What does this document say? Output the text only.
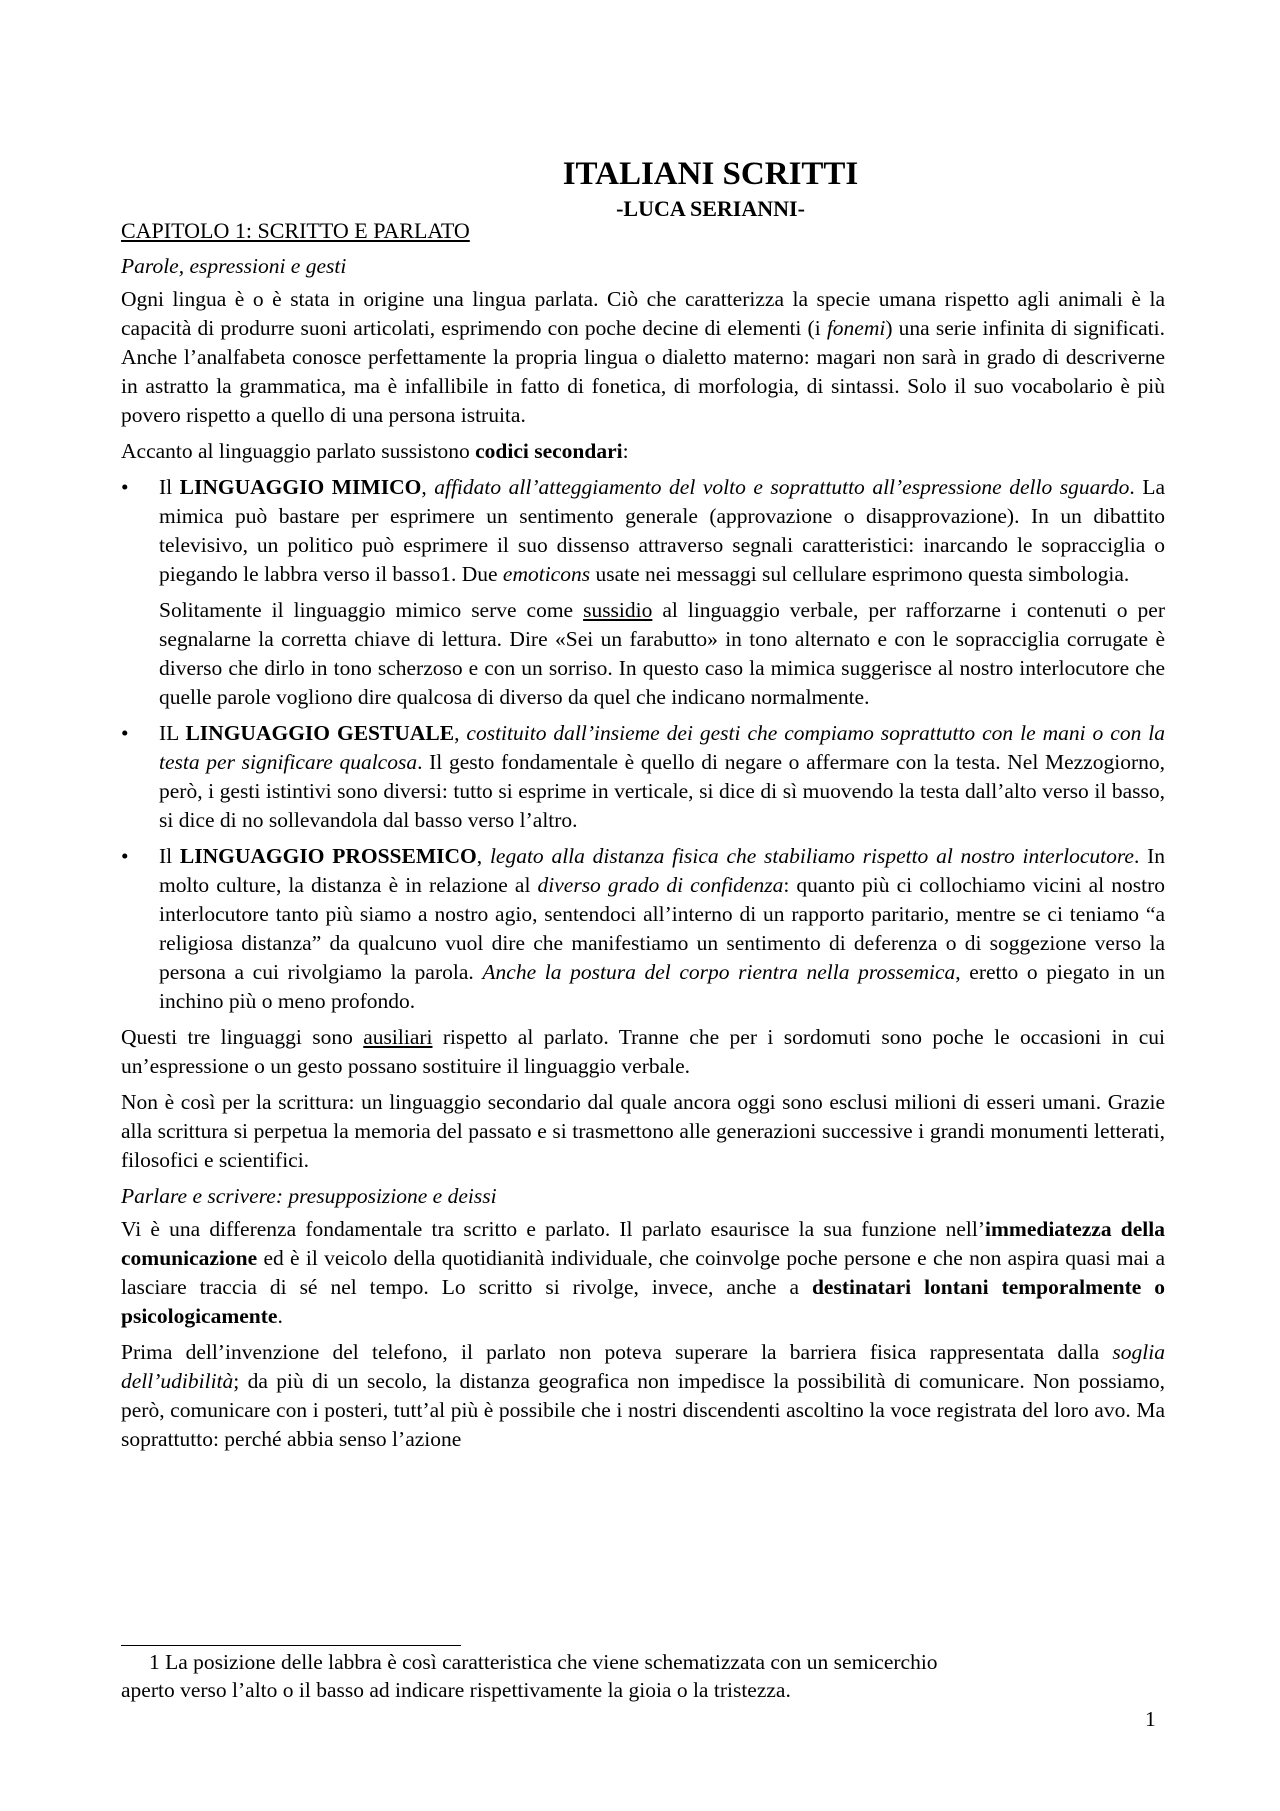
ITALIANI SCRITTI
-LUCA SERIANNI-
CAPITOLO 1: SCRITTO E PARLATO
Parole, espressioni e gesti

Ogni lingua è o è stata in origine una lingua parlata. Ciò che caratterizza la specie umana rispetto agli animali è la capacità di produrre suoni articolati, esprimendo con poche decine di elementi (i fonemi) una serie infinita di significati. Anche l’analfabeta conosce perfettamente la propria lingua o dialetto materno: magari non sarà in grado di descriverne in astratto la grammatica, ma è infallibile in fatto di fonetica, di morfologia, di sintassi. Solo il suo vocabolario è più povero rispetto a quello di una persona istruita.

Accanto al linguaggio parlato sussistono codici secondari:

• Il LINGUAGGIO MIMICO, affidato all’atteggiamento del volto e soprattutto all’espressione dello sguardo. La mimica può bastare per esprimere un sentimento generale (approvazione o disapprovazione). In un dibattito televisivo, un politico può esprimere il suo dissenso attraverso segnali caratteristici: inarcando le sopracciglia o piegando le labbra verso il basso1. Due emoticons usate nei messaggi sul cellulare esprimono questa simbologia.
Solitamente il linguaggio mimico serve come sussidio al linguaggio verbale, per rafforzarne i contenuti o per segnalarne la corretta chiave di lettura. Dire «Sei un farabutto» in tono alternato e con le sopracciglia corrugate è diverso che dirlo in tono scherzoso e con un sorriso. In questo caso la mimica suggerisce al nostro interlocutore che quelle parole vogliono dire qualcosa di diverso da quel che indicano normalmente.
• IL LINGUAGGIO GESTUALE, costituito dall’insieme dei gesti che compiamo soprattutto con le mani o con la testa per significare qualcosa. Il gesto fondamentale è quello di negare o affermare con la testa. Nel Mezzogiorno, però, i gesti istintivi sono diversi: tutto si esprime in verticale, si dice di sì muovendo la testa dall’alto verso il basso, si dice di no sollevandola dal basso verso l’altro.
• Il LINGUAGGIO PROSSEMICO, legato alla distanza fisica che stabiliamo rispetto al nostro interlocutore. In molto culture, la distanza è in relazione al diverso grado di confidenza: quanto più ci collochiamo vicini al nostro interlocutore tanto più siamo a nostro agio, sentendoci all’interno di un rapporto paritario, mentre se ci teniamo “a religiosa distanza” da qualcuno vuol dire che manifestiamo un sentimento di deferenza o di soggezione verso la persona a cui rivolgiamo la parola. Anche la postura del corpo rientra nella prossemica, eretto o piegato in un inchino più o meno profondo.

Questi tre linguaggi sono ausiliari rispetto al parlato. Tranne che per i sordomuti sono poche le occasioni in cui un’espressione o un gesto possano sostituire il linguaggio verbale.

Non è così per la scrittura: un linguaggio secondario dal quale ancora oggi sono esclusi milioni di esseri umani. Grazie alla scrittura si perpetua la memoria del passato e si trasmettono alle generazioni successive i grandi monumenti letterati, filosofici e scientifici.

Parlare e scrivere: presupposizione e deissi

Vi è una differenza fondamentale tra scritto e parlato. Il parlato esaurisce la sua funzione nell’immediatezza della comunicazione ed è il veicolo della quotidianità individuale, che coinvolge poche persone e che non aspira quasi mai a lasciare traccia di sé nel tempo. Lo scritto si rivolge, invece, anche a destinatari lontani temporalmente o psicologicamente.

Prima dell’invenzione del telefono, il parlato non poteva superare la barriera fisica rappresentata dalla soglia dell’udibilità; da più di un secolo, la distanza geografica non impedisce la possibilità di comunicare. Non possiamo, però, comunicare con i posteri, tutt’al più è possibile che i nostri discendenti ascoltino la voce registrata del loro avo. Ma soprattutto: perché abbia senso l’azione

1 La posizione delle labbra è così caratteristica che viene schematizzata con un semicerchio
aperto verso l’alto o il basso ad indicare rispettivamente la gioia o la tristezza.
1
